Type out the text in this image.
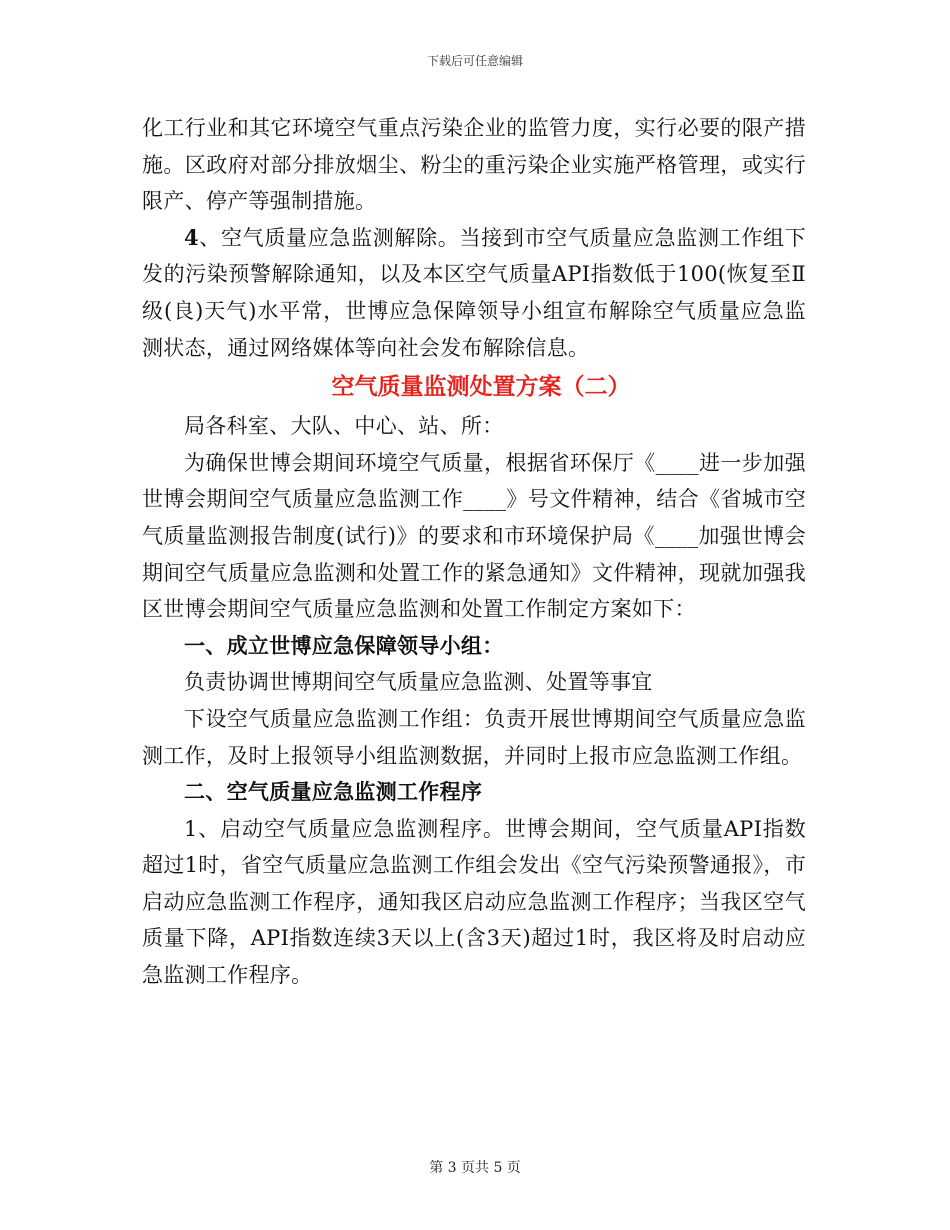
下载后可任意编辑

化工行业和其它环境空气重点污染企业的监管力度，实行必要的限产措施。区政府对部分排放烟尘、粉尘的重污染企业实施严格管理，或实行限产、停产等强制措施。

4、空气质量应急监测解除。当接到市空气质量应急监测工作组下发的污染预警解除通知，以及本区空气质量API指数低于100(恢复至Ⅱ级(良)天气)水平常，世博应急保障领导小组宣布解除空气质量应急监测状态，通过网络媒体等向社会发布解除信息。

空气质量监测处置方案（二）

局各科室、大队、中心、站、所：

为确保世博会期间环境空气质量，根据省环保厅《____进一步加强世博会期间空气质量应急监测工作____》号文件精神，结合《省城市空气质量监测报告制度(试行)》的要求和市环境保护局《____加强世博会期间空气质量应急监测和处置工作的紧急通知》文件精神，现就加强我区世博会期间空气质量应急监测和处置工作制定方案如下：

一、成立世博应急保障领导小组：

负责协调世博期间空气质量应急监测、处置等事宜

下设空气质量应急监测工作组：负责开展世博期间空气质量应急监测工作，及时上报领导小组监测数据，并同时上报市应急监测工作组。

二、空气质量应急监测工作程序

1、启动空气质量应急监测程序。世博会期间，空气质量API指数超过1时，省空气质量应急监测工作组会发出《空气污染预警通报》，市启动应急监测工作程序，通知我区启动应急监测工作程序；当我区空气质量下降，API指数连续3天以上(含3天)超过1时，我区将及时启动应急监测工作程序。

第 3 页共 5 页
